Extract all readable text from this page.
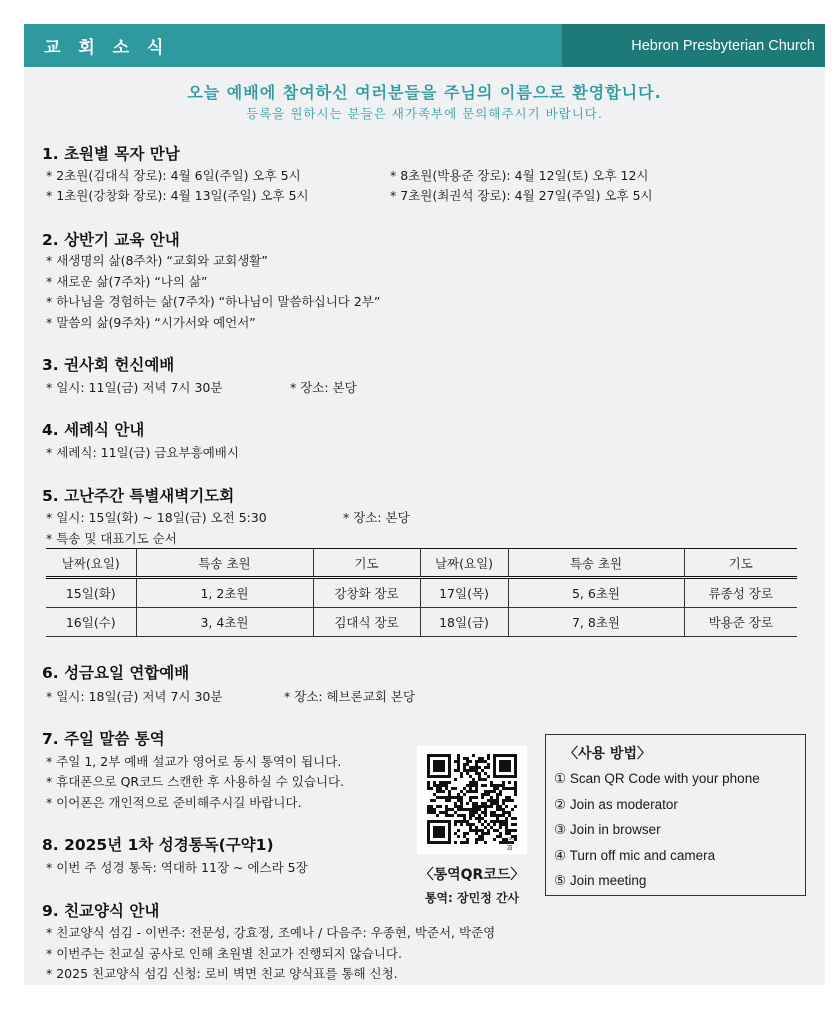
교 회 소 식	Hebron Presbyterian Church
오늘 예배에 참여하신 여러분들을 주님의 이름으로 환영합니다.
등록을 원하시는 분들은 새가족부에 문의해주시기 바랍니다.
1. 초원별 목자 만남
* 2초원(김대식 장로): 4월 6일(주일) 오후 5시	* 8초원(박용준 장로): 4월 12일(토) 오후 12시
* 1초원(강창화 장로): 4월 13일(주일) 오후 5시	* 7초원(최권석 장로): 4월 27일(주일) 오후 5시
2. 상반기 교육 안내
* 새생명의 삶(8주차) “교회와 교회생활”
* 새로운 삶(7주차) “나의 삶”
* 하나님을 경험하는 삶(7주차) “하나님이 말씀하십니다 2부”
* 말씀의 삶(9주차) “시가서와 예언서”
3. 권사회 헌신예배
* 일시: 11일(금) 저녁 7시 30분	* 장소: 본당
4. 세례식 안내
* 세례식: 11일(금) 금요부흥예배시
5. 고난주간 특별새벽기도회
* 일시: 15일(화) ~ 18일(금) 오전 5:30	* 장소: 본당
* 특송 및 대표기도 순서
날짜(요일)	특송 초원	기도	날짜(요일)	특송 초원	기도
15일(화)	1, 2초원	강창화 장로	17일(목)	5, 6초원	류종성 장로
16일(수)	3, 4초원	김대식 장로	18일(금)	7, 8초원	박용준 장로
6. 성금요일 연합예배
* 일시: 18일(금) 저녁 7시 30분	* 장소: 헤브론교회 본당
7. 주일 말씀 통역
* 주일 1, 2부 예배 설교가 영어로 동시 통역이 됩니다.
* 휴대폰으로 QR코드 스캔한 후 사용하실 수 있습니다.
* 이어폰은 개인적으로 준비해주시길 바랍니다.
8. 2025년 1차 성경통독(구약1)
* 이번 주 성경 통독: 역대하 11장 ~ 에스라 5장
bitly
〈통역QR코드〉
통역: 장민정 간사
〈사용 방법〉
① Scan QR Code with your phone
② Join as moderator
③ Join in browser
④ Turn off mic and camera
⑤ Join meeting
9. 친교양식 안내
* 친교양식 섬김 - 이번주: 전문성, 강효정, 조예나 / 다음주: 우종현, 박준서, 박준영
* 이번주는 친교실 공사로 인해 초원별 친교가 진행되지 않습니다.
* 2025 친교양식 섬김 신청: 로비 벽면 친교 양식표를 통해 신청.
